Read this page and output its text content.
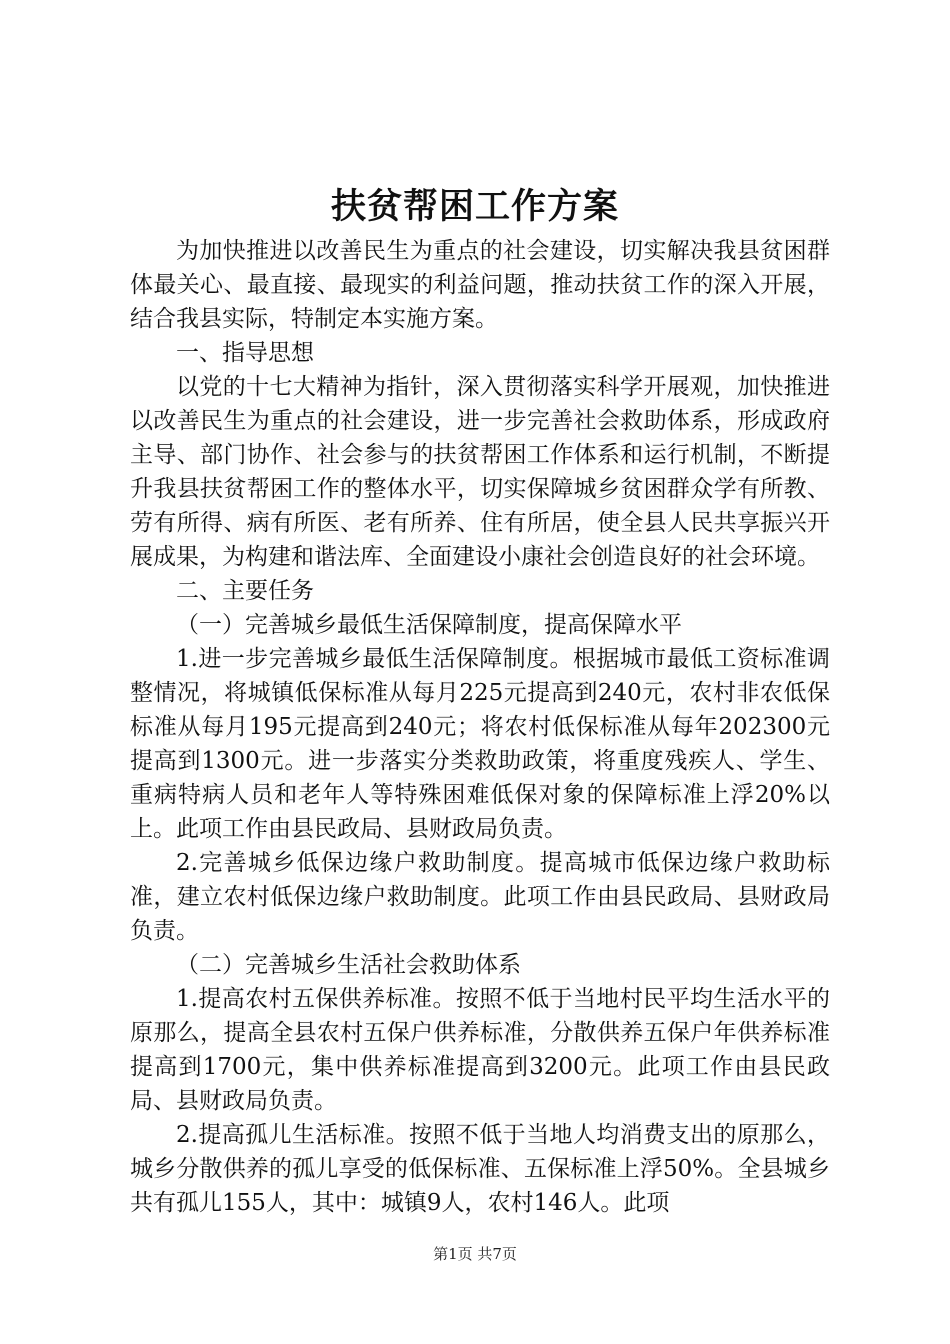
扶贫帮困工作方案

为加快推进以改善民生为重点的社会建设，切实解决我县贫困群体最关心、最直接、最现实的利益问题，推动扶贫工作的深入开展，结合我县实际，特制定本实施方案。

一、指导思想

以党的十七大精神为指针，深入贯彻落实科学开展观，加快推进以改善民生为重点的社会建设，进一步完善社会救助体系，形成政府主导、部门协作、社会参与的扶贫帮困工作体系和运行机制，不断提升我县扶贫帮困工作的整体水平，切实保障城乡贫困群众学有所教、劳有所得、病有所医、老有所养、住有所居，使全县人民共享振兴开展成果，为构建和谐法库、全面建设小康社会创造良好的社会环境。

二、主要任务

（一）完善城乡最低生活保障制度，提高保障水平

1.进一步完善城乡最低生活保障制度。根据城市最低工资标准调整情况，将城镇低保标准从每月225元提高到240元，农村非农低保标准从每月195元提高到240元；将农村低保标准从每年202300元提高到1300元。进一步落实分类救助政策，将重度残疾人、学生、重病特病人员和老年人等特殊困难低保对象的保障标准上浮20%以上。此项工作由县民政局、县财政局负责。

2.完善城乡低保边缘户救助制度。提高城市低保边缘户救助标准，建立农村低保边缘户救助制度。此项工作由县民政局、县财政局负责。

（二）完善城乡生活社会救助体系

1.提高农村五保供养标准。按照不低于当地村民平均生活水平的原那么，提高全县农村五保户供养标准，分散供养五保户年供养标准提高到1700元，集中供养标准提高到3200元。此项工作由县民政局、县财政局负责。

2.提高孤儿生活标准。按照不低于当地人均消费支出的原那么，城乡分散供养的孤儿享受的低保标准、五保标准上浮50%。全县城乡共有孤儿155人，其中：城镇9人，农村146人。此项

第1页 共7页
